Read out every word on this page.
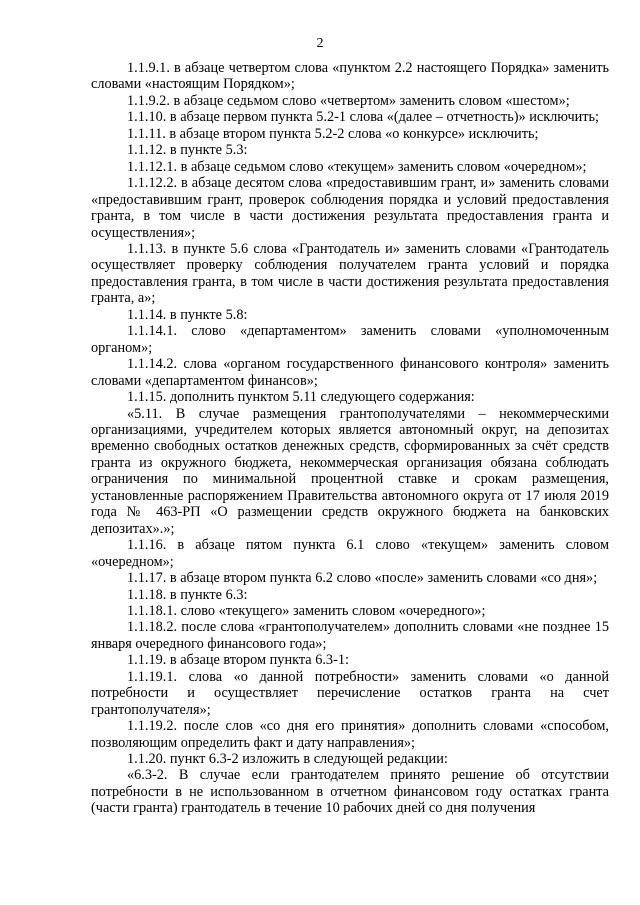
2

1.1.9.1. в абзаце четвертом слова «пунктом 2.2 настоящего Порядка» заменить словами «настоящим Порядком»;

1.1.9.2. в абзаце седьмом слово «четвертом» заменить словом «шестом»;

1.1.10. в абзаце первом пункта 5.2-1 слова «(далее – отчетность)» исключить;

1.1.11. в абзаце втором пункта 5.2-2 слова «о конкурсе» исключить;

1.1.12. в пункте 5.3:

1.1.12.1. в абзаце седьмом слово «текущем» заменить словом «очередном»;

1.1.12.2. в абзаце десятом слова «предоставившим грант, и» заменить словами «предоставившим грант, проверок соблюдения порядка и условий предоставления гранта, в том числе в части достижения результата предоставления гранта и осуществления»;

1.1.13. в пункте 5.6 слова «Грантодатель и» заменить словами «Грантодатель осуществляет проверку соблюдения получателем гранта условий и порядка предоставления гранта, в том числе в части достижения результата предоставления гранта, а»;

1.1.14. в пункте 5.8:

1.1.14.1. слово «департаментом» заменить словами «уполномоченным органом»;

1.1.14.2. слова «органом государственного финансового контроля» заменить словами «департаментом финансов»;

1.1.15. дополнить пунктом 5.11 следующего содержания:

«5.11. В случае размещения грантополучателями – некоммерческими организациями, учредителем которых является автономный округ, на депозитах временно свободных остатков денежных средств, сформированных за счёт средств гранта из окружного бюджета, некоммерческая организация обязана соблюдать ограничения по минимальной процентной ставке и срокам размещения, установленные распоряжением Правительства автономного округа от 17 июля 2019 года № 463-РП «О размещении средств окружного бюджета на банковских депозитах».»;

1.1.16. в абзаце пятом пункта 6.1 слово «текущем» заменить словом «очередном»;

1.1.17. в абзаце втором пункта 6.2 слово «после» заменить словами «со дня»;

1.1.18. в пункте 6.3:

1.1.18.1. слово «текущего» заменить словом «очередного»;

1.1.18.2. после слова «грантополучателем» дополнить словами «не позднее 15 января очередного финансового года»;

1.1.19. в абзаце втором пункта 6.3-1:

1.1.19.1. слова «о данной потребности» заменить словами «о данной потребности и осуществляет перечисление остатков гранта на счет грантополучателя»;

1.1.19.2. после слов «со дня его принятия» дополнить словами «способом, позволяющим определить факт и дату направления»;

1.1.20. пункт 6.3-2 изложить в следующей редакции:

«6.3-2. В случае если грантодателем принято решение об отсутствии потребности в не использованном в отчетном финансовом году остатках гранта (части гранта) грантодатель в течение 10 рабочих дней со дня получения
